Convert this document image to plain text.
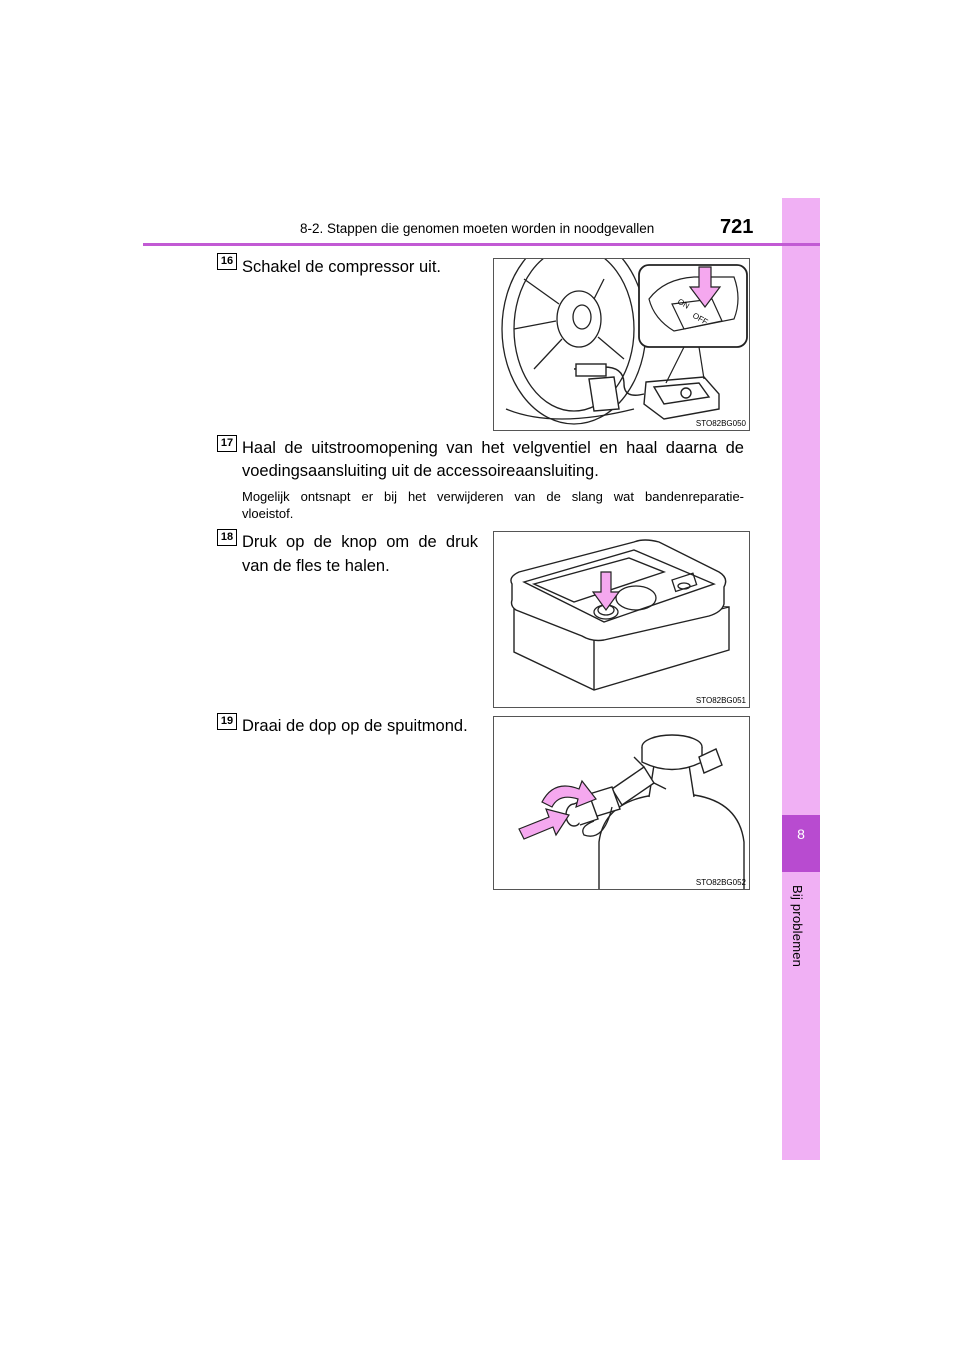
8
Bij problemen
8-2. Stappen die genomen moeten worden in noodgevallen	721
16 Schakel de compressor uit.
ON
OFF
STO82BG050
17 Haal de uitstroomopening van het velgventiel en haal daarna de
voedingsaansluiting uit de accessoireaansluiting.
Mogelijk ontsnapt er bij het verwijderen van de slang wat bandenreparatie-
vloeistof.
18 Druk op de knop om de druk
van de fles te halen.
STO82BG051
19 Draai de dop op de spuitmond.
STO82BG052
